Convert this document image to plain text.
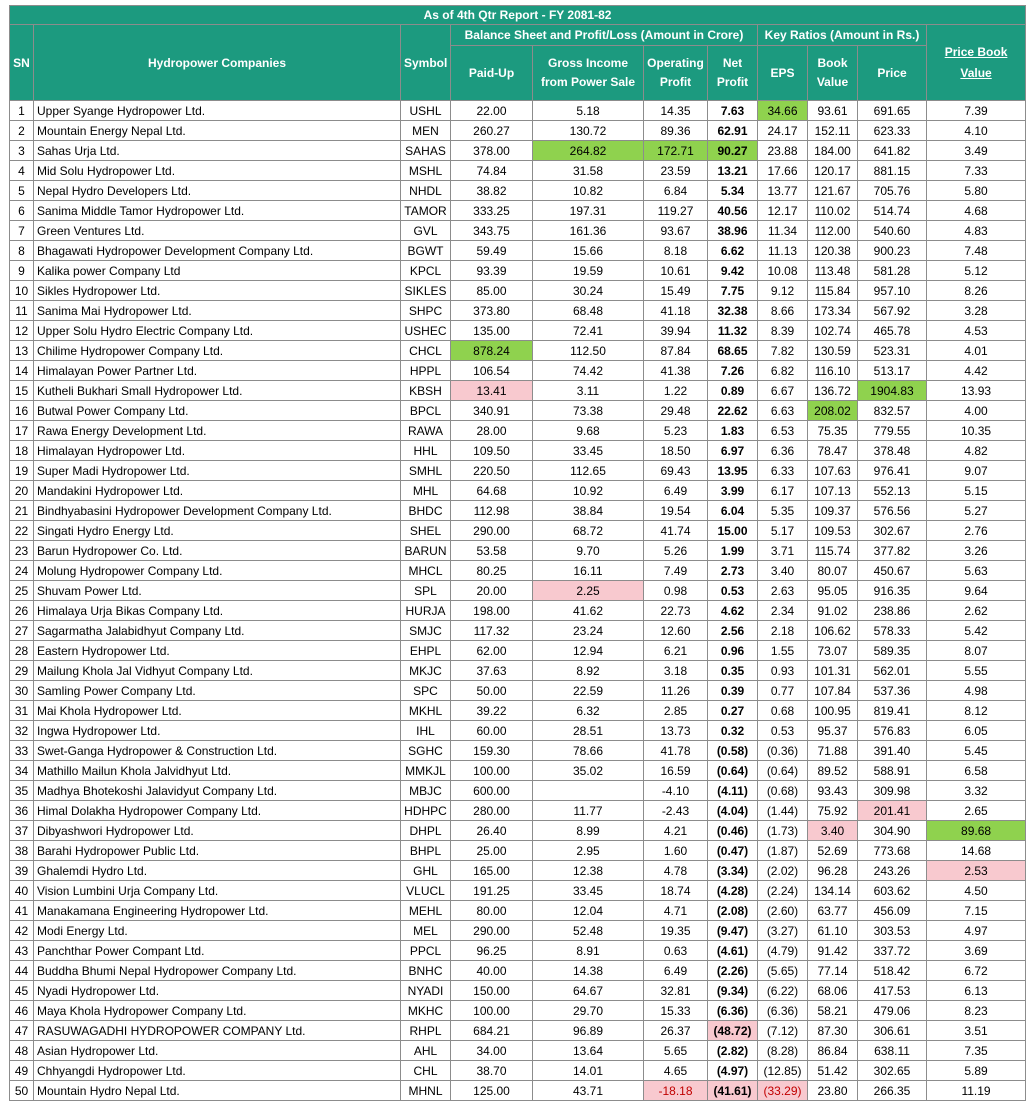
As of 4th Qtr Report - FY 2081-82										
SN	Hydropower Companies	Symbol	Balance Sheet and Profit/Loss (Amount in Crore)				Key Ratios (Amount in Rs.)			Price Book Value
			Paid-Up	Gross Income from Power Sale	Operating Profit	Net Profit	EPS	Book Value	Price	
1	Upper Syange Hydropower Ltd.	USHL	22.00	5.18	14.35	7.63	34.66	93.61	691.65	7.39
2	Mountain Energy Nepal Ltd.	MEN	260.27	130.72	89.36	62.91	24.17	152.11	623.33	4.10
3	Sahas Urja Ltd.	SAHAS	378.00	264.82	172.71	90.27	23.88	184.00	641.82	3.49
4	Mid Solu Hydropower Ltd.	MSHL	74.84	31.58	23.59	13.21	17.66	120.17	881.15	7.33
5	Nepal Hydro Developers Ltd.	NHDL	38.82	10.82	6.84	5.34	13.77	121.67	705.76	5.80
6	Sanima Middle Tamor Hydropower Ltd.	TAMOR	333.25	197.31	119.27	40.56	12.17	110.02	514.74	4.68
7	Green Ventures Ltd.	GVL	343.75	161.36	93.67	38.96	11.34	112.00	540.60	4.83
8	Bhagawati Hydropower Development Company Ltd.	BGWT	59.49	15.66	8.18	6.62	11.13	120.38	900.23	7.48
9	Kalika power Company Ltd	KPCL	93.39	19.59	10.61	9.42	10.08	113.48	581.28	5.12
10	Sikles Hydropower Ltd.	SIKLES	85.00	30.24	15.49	7.75	9.12	115.84	957.10	8.26
11	Sanima Mai Hydropower Ltd.	SHPC	373.80	68.48	41.18	32.38	8.66	173.34	567.92	3.28
12	Upper Solu Hydro Electric Company Ltd.	USHEC	135.00	72.41	39.94	11.32	8.39	102.74	465.78	4.53
13	Chilime Hydropower Company Ltd.	CHCL	878.24	112.50	87.84	68.65	7.82	130.59	523.31	4.01
14	Himalayan Power Partner Ltd.	HPPL	106.54	74.42	41.38	7.26	6.82	116.10	513.17	4.42
15	Kutheli Bukhari Small Hydropower Ltd.	KBSH	13.41	3.11	1.22	0.89	6.67	136.72	1904.83	13.93
16	Butwal Power Company Ltd.	BPCL	340.91	73.38	29.48	22.62	6.63	208.02	832.57	4.00
17	Rawa Energy Development Ltd.	RAWA	28.00	9.68	5.23	1.83	6.53	75.35	779.55	10.35
18	Himalayan Hydropower Ltd.	HHL	109.50	33.45	18.50	6.97	6.36	78.47	378.48	4.82
19	Super Madi Hydropower Ltd.	SMHL	220.50	112.65	69.43	13.95	6.33	107.63	976.41	9.07
20	Mandakini Hydropower Ltd.	MHL	64.68	10.92	6.49	3.99	6.17	107.13	552.13	5.15
21	Bindhyabasini Hydropower Development Company Ltd.	BHDC	112.98	38.84	19.54	6.04	5.35	109.37	576.56	5.27
22	Singati Hydro Energy Ltd.	SHEL	290.00	68.72	41.74	15.00	5.17	109.53	302.67	2.76
23	Barun Hydropower Co. Ltd.	BARUN	53.58	9.70	5.26	1.99	3.71	115.74	377.82	3.26
24	Molung Hydropower Company Ltd.	MHCL	80.25	16.11	7.49	2.73	3.40	80.07	450.67	5.63
25	Shuvam Power Ltd.	SPL	20.00	2.25	0.98	0.53	2.63	95.05	916.35	9.64
26	Himalaya Urja Bikas Company Ltd.	HURJA	198.00	41.62	22.73	4.62	2.34	91.02	238.86	2.62
27	Sagarmatha Jalabidhyut Company Ltd.	SMJC	117.32	23.24	12.60	2.56	2.18	106.62	578.33	5.42
28	Eastern Hydropower Ltd.	EHPL	62.00	12.94	6.21	0.96	1.55	73.07	589.35	8.07
29	Mailung Khola Jal Vidhyut Company Ltd.	MKJC	37.63	8.92	3.18	0.35	0.93	101.31	562.01	5.55
30	Samling Power Company Ltd.	SPC	50.00	22.59	11.26	0.39	0.77	107.84	537.36	4.98
31	Mai Khola Hydropower Ltd.	MKHL	39.22	6.32	2.85	0.27	0.68	100.95	819.41	8.12
32	Ingwa Hydropower Ltd.	IHL	60.00	28.51	13.73	0.32	0.53	95.37	576.83	6.05
33	Swet-Ganga Hydropower & Construction Ltd.	SGHC	159.30	78.66	41.78	(0.58)	(0.36)	71.88	391.40	5.45
34	Mathillo Mailun Khola Jalvidhyut Ltd.	MMKJL	100.00	35.02	16.59	(0.64)	(0.64)	89.52	588.91	6.58
35	Madhya Bhotekoshi Jalavidyut Company Ltd.	MBJC	600.00		-4.10	(4.11)	(0.68)	93.43	309.98	3.32
36	Himal Dolakha Hydropower Company Ltd.	HDHPC	280.00	11.77	-2.43	(4.04)	(1.44)	75.92	201.41	2.65
37	Dibyashwori Hydropower Ltd.	DHPL	26.40	8.99	4.21	(0.46)	(1.73)	3.40	304.90	89.68
38	Barahi Hydropower Public Ltd.	BHPL	25.00	2.95	1.60	(0.47)	(1.87)	52.69	773.68	14.68
39	Ghalemdi Hydro Ltd.	GHL	165.00	12.38	4.78	(3.34)	(2.02)	96.28	243.26	2.53
40	Vision Lumbini Urja Company Ltd.	VLUCL	191.25	33.45	18.74	(4.28)	(2.24)	134.14	603.62	4.50
41	Manakamana Engineering Hydropower Ltd.	MEHL	80.00	12.04	4.71	(2.08)	(2.60)	63.77	456.09	7.15
42	Modi Energy Ltd.	MEL	290.00	52.48	19.35	(9.47)	(3.27)	61.10	303.53	4.97
43	Panchthar Power Compant Ltd.	PPCL	96.25	8.91	0.63	(4.61)	(4.79)	91.42	337.72	3.69
44	Buddha Bhumi Nepal Hydropower Company Ltd.	BNHC	40.00	14.38	6.49	(2.26)	(5.65)	77.14	518.42	6.72
45	Nyadi Hydropower Ltd.	NYADI	150.00	64.67	32.81	(9.34)	(6.22)	68.06	417.53	6.13
46	Maya Khola Hydropower Company Ltd.	MKHC	100.00	29.70	15.33	(6.36)	(6.36)	58.21	479.06	8.23
47	RASUWAGADHI HYDROPOWER COMPANY Ltd.	RHPL	684.21	96.89	26.37	(48.72)	(7.12)	87.30	306.61	3.51
48	Asian Hydropower Ltd.	AHL	34.00	13.64	5.65	(2.82)	(8.28)	86.84	638.11	7.35
49	Chhyangdi Hydropower Ltd.	CHL	38.70	14.01	4.65	(4.97)	(12.85)	51.42	302.65	5.89
50	Mountain Hydro Nepal Ltd.	MHNL	125.00	43.71	-18.18	(41.61)	(33.29)	23.80	266.35	11.19
